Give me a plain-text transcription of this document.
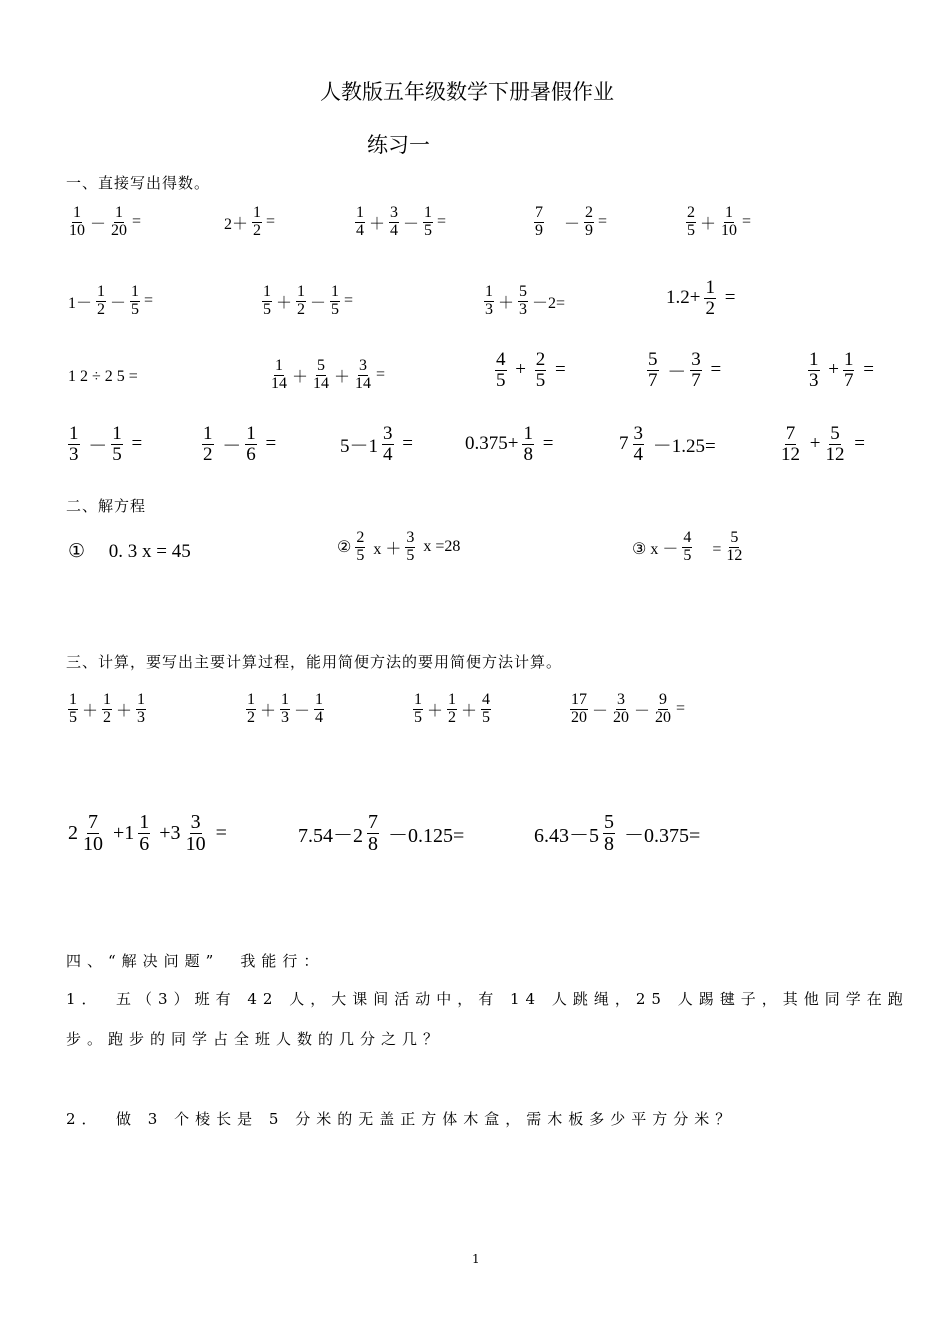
人教版五年级数学下册暑假作业
练习一
一、直接写出得数。
$\frac{1}{10} - \frac{1}{20}$ =	$2+ \frac{1}{2}$ =	$\frac{1}{4} + \frac{3}{4} - \frac{1}{5}$ =	$\frac{7}{9}$ 　－ $\frac{2}{9}$ =	$\frac{2}{5} + \frac{1}{10}$ =
$1- \frac{1}{2} - \frac{1}{5}$ =	$\frac{1}{5} + \frac{1}{2} - \frac{1}{5}$ =	$\frac{1}{3} + \frac{5}{3} -2=$	$1.2+ \frac{1}{2}$ =
1 2 ÷ 2 5 =	$\frac{1}{14} + \frac{5}{14} + \frac{3}{14}$ =	$\frac{4}{5} + \frac{2}{5}$ =	$\frac{5}{7} - \frac{3}{7}$ =	$\frac{1}{3} + \frac{1}{7}$ =
$\frac{1}{3} - \frac{1}{5}$ =	$\frac{1}{2} - \frac{1}{6}$ =	$5-1 \frac{3}{4}$ =	$0.375+ \frac{1}{8}$ =	$7 \frac{3}{4} -1.25=$	$\frac{7}{12} + \frac{5}{12}$ =
二、解方程
①　 0. 3 x = 45	② $\frac{2}{5}$ $x + \frac{3}{5}$ x =28	③ $x - \frac{4}{5}$ 　= $\frac{5}{12}$
三、计算，要写出主要计算过程，能用简便方法的要用简便方法计算。
$\frac{1}{5} + \frac{1}{2} + \frac{1}{3}$	$\frac{1}{2} + \frac{1}{3} - \frac{1}{4}$	$\frac{1}{5} + \frac{1}{2} + \frac{4}{5}$	$\frac{17}{20} - \frac{3}{20} - \frac{9}{20}$ =
$2 \frac{7}{10} +1 \frac{1}{6} +3 \frac{3}{10}$ =	$7.54-2 \frac{7}{8} -0.125=$	$6.43-5 \frac{5}{8} -0.375=$
四、“解决问题”　我能行：
1．　五（3）班有 42 人，大课间活动中，有 14 人跳绳，25 人踢毽子，其他同学在跑
步。跑步的同学占全班人数的几分之几？
2．　做 3 个棱长是 5 分米的无盖正方体木盒，需木板多少平方分米？
1
